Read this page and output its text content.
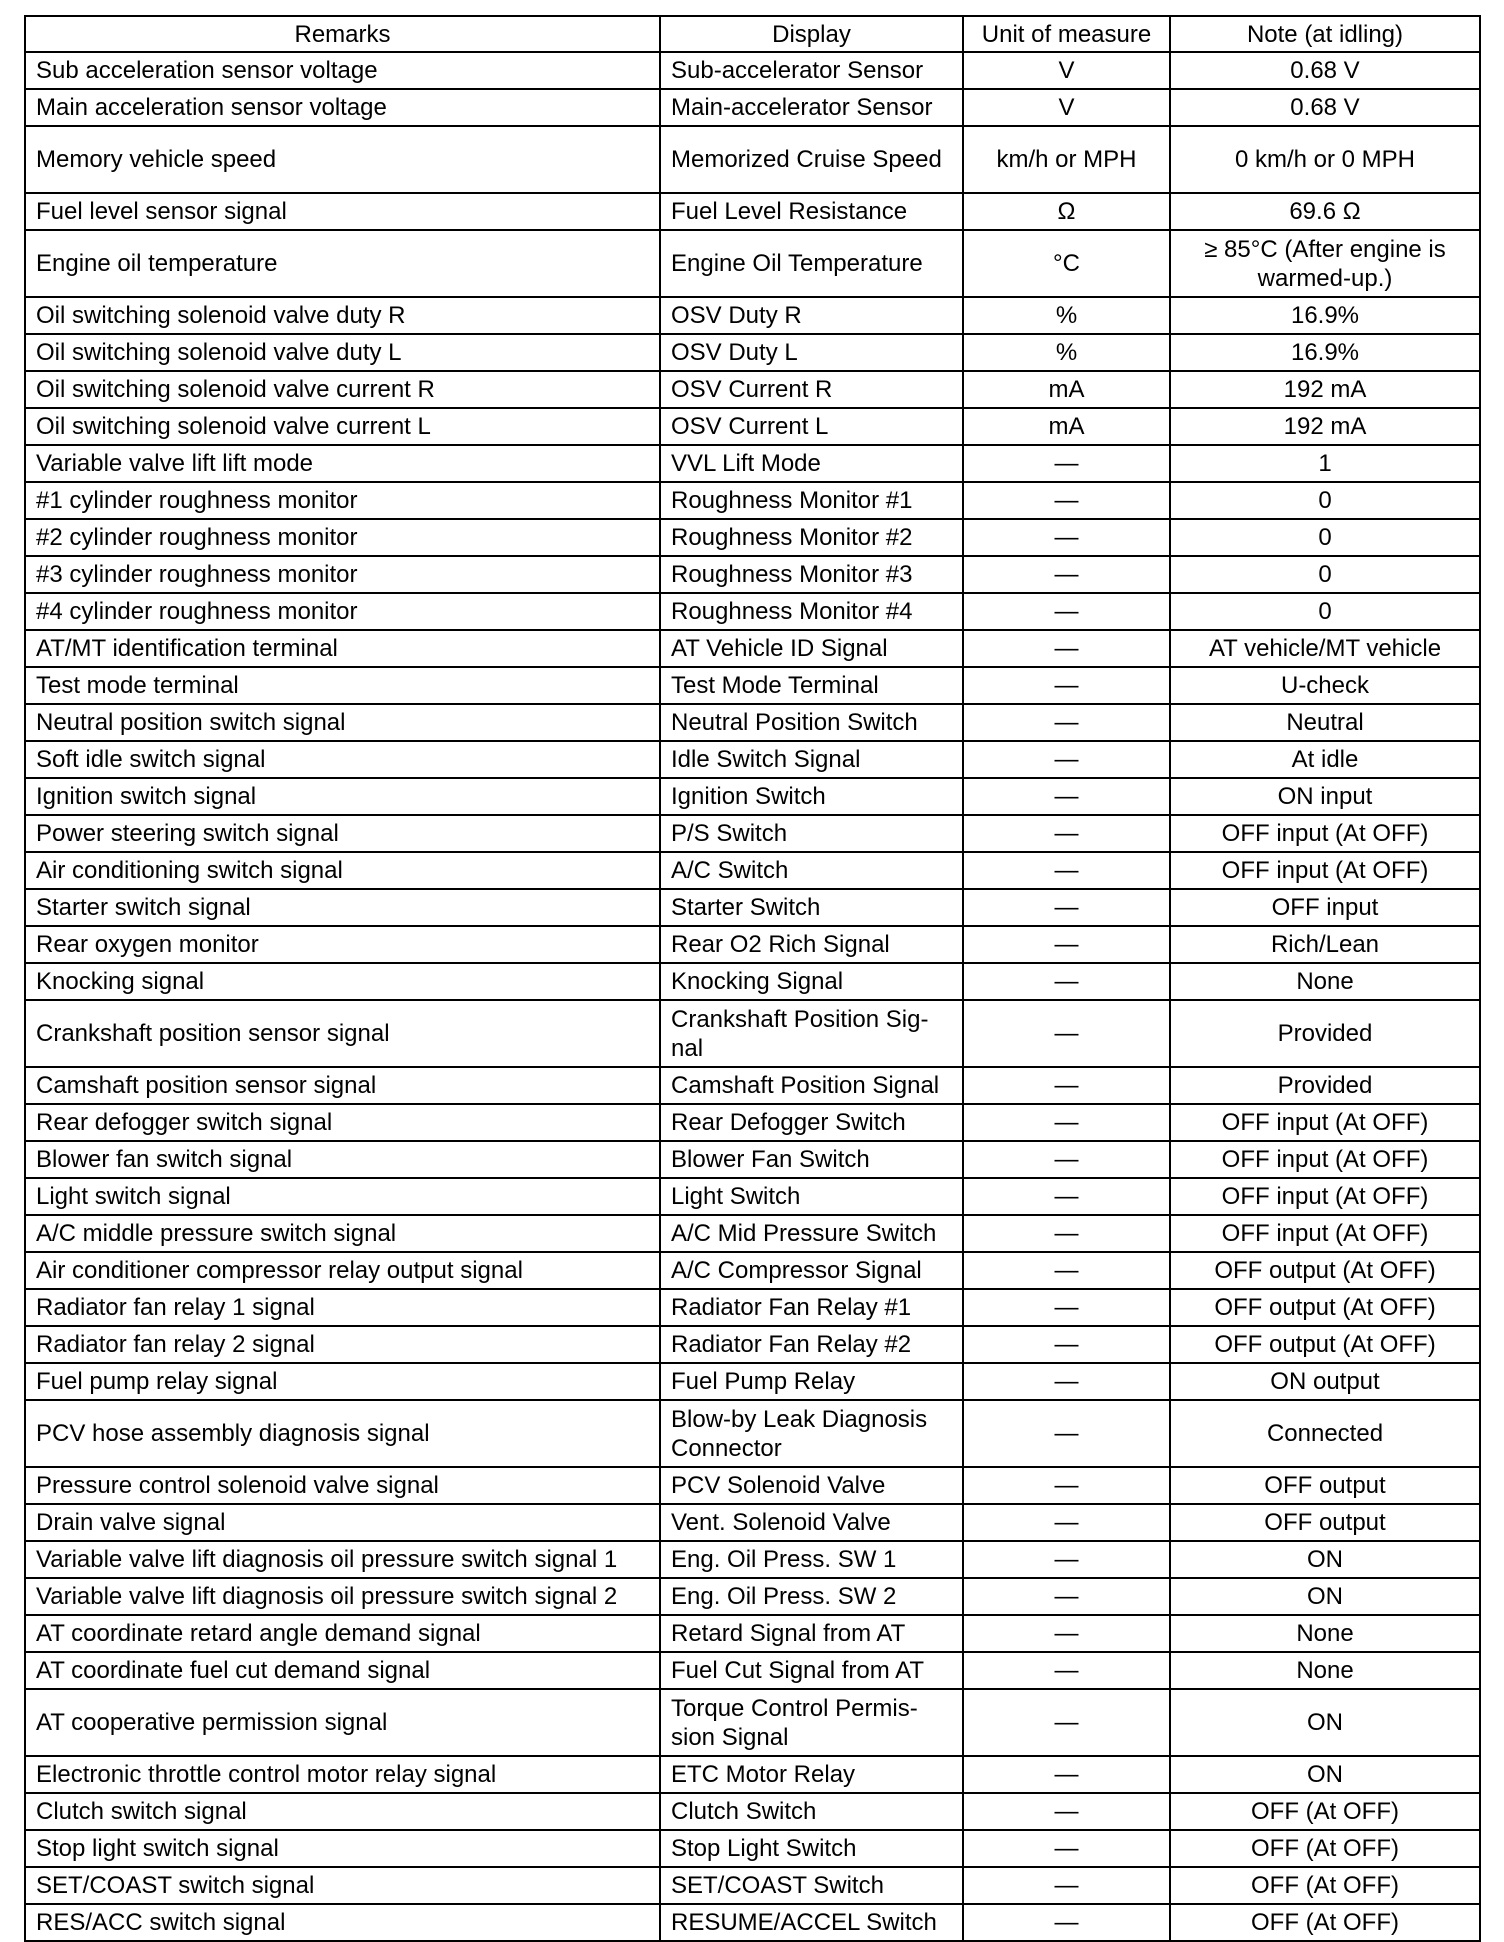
Remarks	Display	Unit of measure	Note (at idling)
Sub acceleration sensor voltage	Sub-accelerator Sensor	V	0.68 V
Main acceleration sensor voltage	Main-accelerator Sensor	V	0.68 V
Memory vehicle speed	Memorized Cruise Speed	km/h or MPH	0 km/h or 0 MPH
Fuel level sensor signal	Fuel Level Resistance	Ω	69.6 Ω
Engine oil temperature	Engine Oil Temperature	°C	≥ 85°C (After engine is warmed-up.)
Oil switching solenoid valve duty R	OSV Duty R	%	16.9%
Oil switching solenoid valve duty L	OSV Duty L	%	16.9%
Oil switching solenoid valve current R	OSV Current R	mA	192 mA
Oil switching solenoid valve current L	OSV Current L	mA	192 mA
Variable valve lift lift mode	VVL Lift Mode	—	1
#1 cylinder roughness monitor	Roughness Monitor #1	—	0
#2 cylinder roughness monitor	Roughness Monitor #2	—	0
#3 cylinder roughness monitor	Roughness Monitor #3	—	0
#4 cylinder roughness monitor	Roughness Monitor #4	—	0
AT/MT identification terminal	AT Vehicle ID Signal	—	AT vehicle/MT vehicle
Test mode terminal	Test Mode Terminal	—	U-check
Neutral position switch signal	Neutral Position Switch	—	Neutral
Soft idle switch signal	Idle Switch Signal	—	At idle
Ignition switch signal	Ignition Switch	—	ON input
Power steering switch signal	P/S Switch	—	OFF input (At OFF)
Air conditioning switch signal	A/C Switch	—	OFF input (At OFF)
Starter switch signal	Starter Switch	—	OFF input
Rear oxygen monitor	Rear O2 Rich Signal	—	Rich/Lean
Knocking signal	Knocking Signal	—	None
Crankshaft position sensor signal	Crankshaft Position Sig-nal	—	Provided
Camshaft position sensor signal	Camshaft Position Signal	—	Provided
Rear defogger switch signal	Rear Defogger Switch	—	OFF input (At OFF)
Blower fan switch signal	Blower Fan Switch	—	OFF input (At OFF)
Light switch signal	Light Switch	—	OFF input (At OFF)
A/C middle pressure switch signal	A/C Mid Pressure Switch	—	OFF input (At OFF)
Air conditioner compressor relay output signal	A/C Compressor Signal	—	OFF output (At OFF)
Radiator fan relay 1 signal	Radiator Fan Relay #1	—	OFF output (At OFF)
Radiator fan relay 2 signal	Radiator Fan Relay #2	—	OFF output (At OFF)
Fuel pump relay signal	Fuel Pump Relay	—	ON output
PCV hose assembly diagnosis signal	Blow-by Leak Diagnosis Connector	—	Connected
Pressure control solenoid valve signal	PCV Solenoid Valve	—	OFF output
Drain valve signal	Vent. Solenoid Valve	—	OFF output
Variable valve lift diagnosis oil pressure switch signal 1	Eng. Oil Press. SW 1	—	ON
Variable valve lift diagnosis oil pressure switch signal 2	Eng. Oil Press. SW 2	—	ON
AT coordinate retard angle demand signal	Retard Signal from AT	—	None
AT coordinate fuel cut demand signal	Fuel Cut Signal from AT	—	None
AT cooperative permission signal	Torque Control Permis-sion Signal	—	ON
Electronic throttle control motor relay signal	ETC Motor Relay	—	ON
Clutch switch signal	Clutch Switch	—	OFF (At OFF)
Stop light switch signal	Stop Light Switch	—	OFF (At OFF)
SET/COAST switch signal	SET/COAST Switch	—	OFF (At OFF)
RES/ACC switch signal	RESUME/ACCEL Switch	—	OFF (At OFF)
